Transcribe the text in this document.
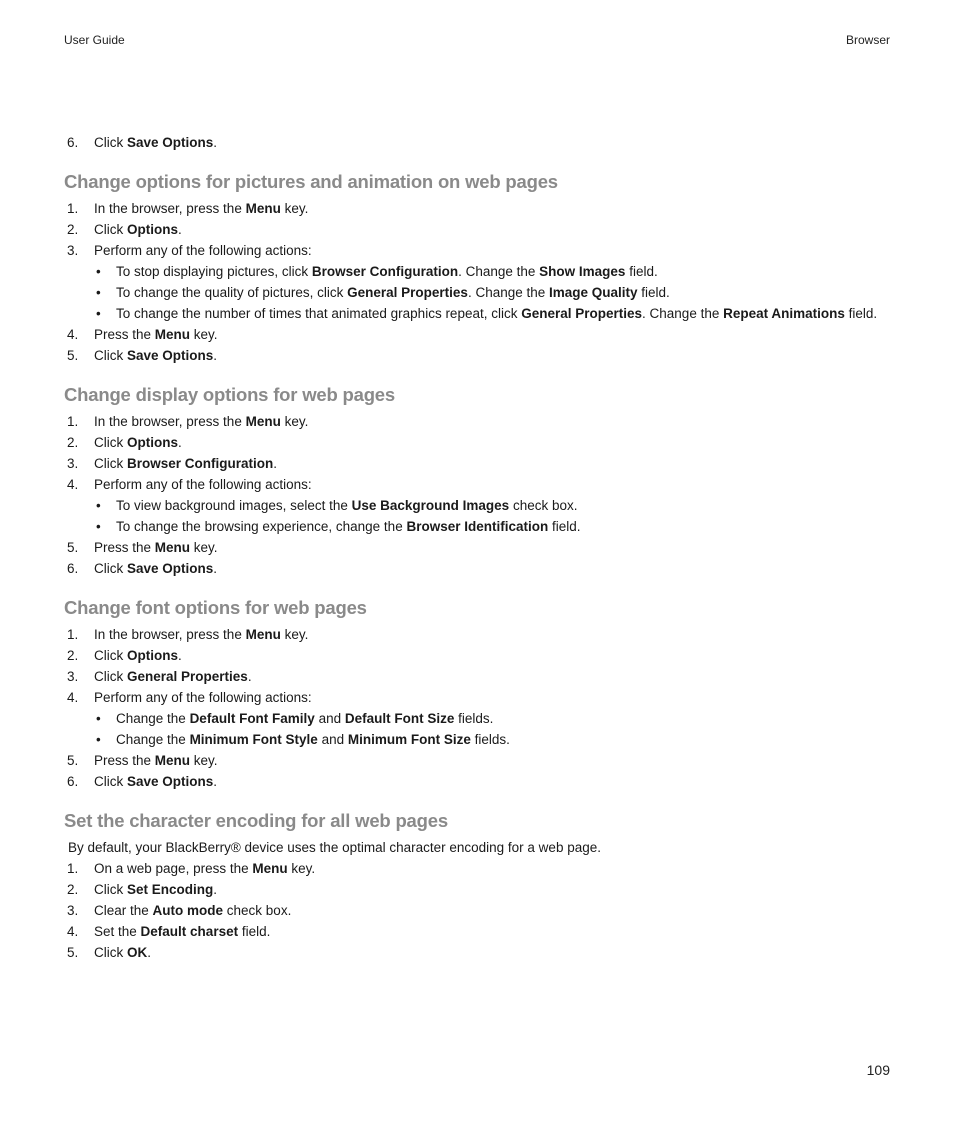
User Guide	Browser
6.	Click Save Options.
Change options for pictures and animation on web pages
1.	In the browser, press the Menu key.
2.	Click Options.
3.	Perform any of the following actions:
• To stop displaying pictures, click Browser Configuration. Change the Show Images field.
• To change the quality of pictures, click General Properties. Change the Image Quality field.
• To change the number of times that animated graphics repeat, click General Properties. Change the Repeat Animations field.
4.	Press the Menu key.
5.	Click Save Options.
Change display options for web pages
1.	In the browser, press the Menu key.
2.	Click Options.
3.	Click Browser Configuration.
4.	Perform any of the following actions:
• To view background images, select the Use Background Images check box.
• To change the browsing experience, change the Browser Identification field.
5.	Press the Menu key.
6.	Click Save Options.
Change font options for web pages
1.	In the browser, press the Menu key.
2.	Click Options.
3.	Click General Properties.
4.	Perform any of the following actions:
• Change the Default Font Family and Default Font Size fields.
• Change the Minimum Font Style and Minimum Font Size fields.
5.	Press the Menu key.
6.	Click Save Options.
Set the character encoding for all web pages
By default, your BlackBerry® device uses the optimal character encoding for a web page.
1.	On a web page, press the Menu key.
2.	Click Set Encoding.
3.	Clear the Auto mode check box.
4.	Set the Default charset field.
5.	Click OK.
109
